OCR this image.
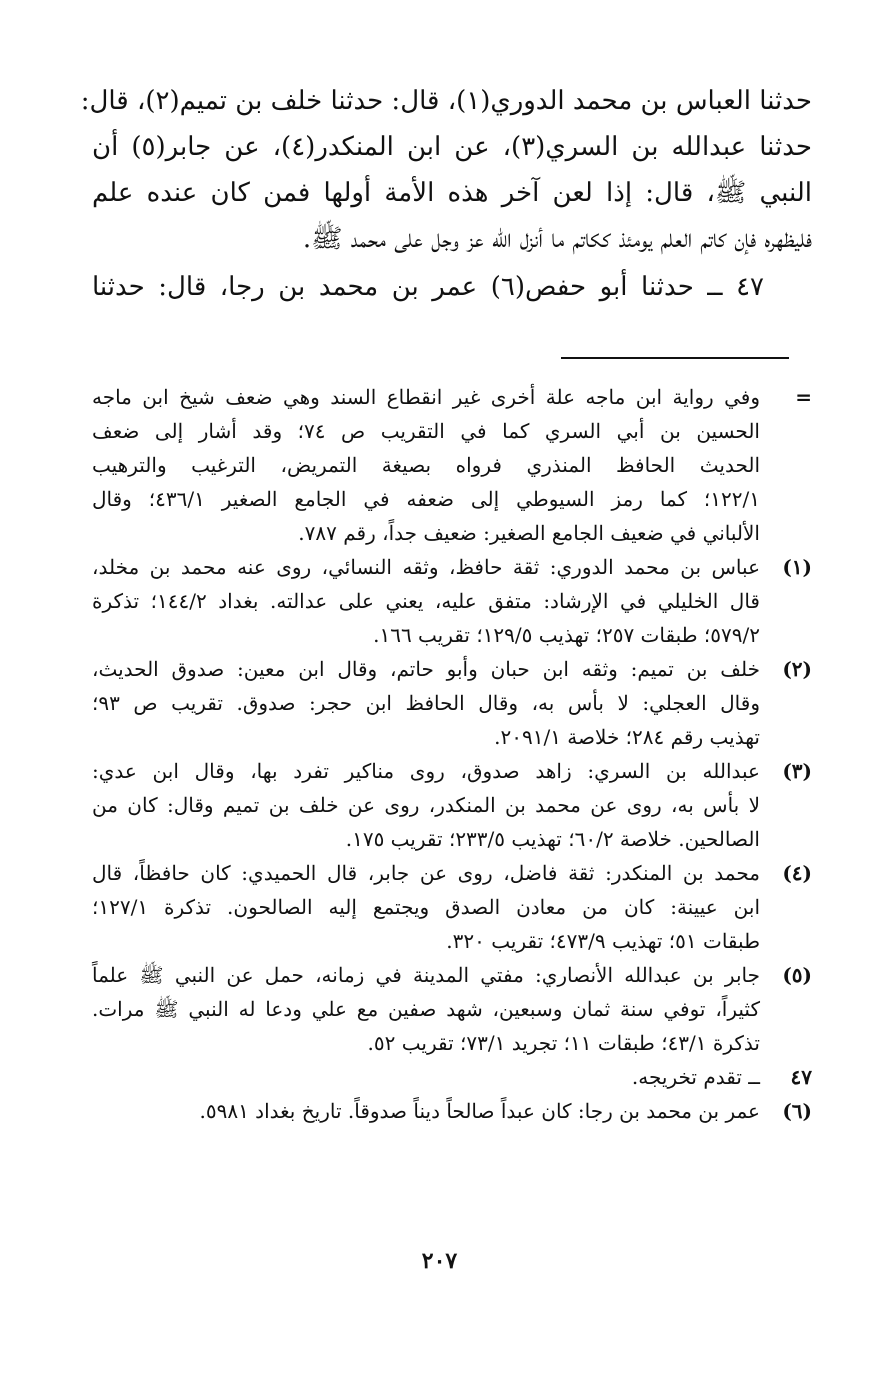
حدثنا العباس بن محمد الدوري(١)، قال: حدثنا خلف بن تميم(٢)، قال:
حدثنا عبدالله بن السري(٣)، عن ابن المنكدر(٤)، عن جابر(٥) أن
النبي ﷺ، قال: إذا لعن آخر هذه الأمة أولها فمن كان عنده علم
فليظهره فإن كاتم العلم يومئذ ككاتم ما أنزل الله عز وجل على محمد ﷺ.
٤٧ ــ حدثنا أبو حفص(٦) عمر بن محمد بن رجا، قال: حدثنا
=
وفي رواية ابن ماجه علة أخرى غير انقطاع السند وهي ضعف شيخ ابن ماجه
الحسين بن أبي السري كما في التقريب ص ٧٤؛ وقد أشار إلى ضعف
الحديث الحافظ المنذري فرواه بصيغة التمريض، الترغيب والترهيب
١٢٢/١؛ كما رمز السيوطي إلى ضعفه في الجامع الصغير ٤٣٦/١؛ وقال
الألباني في ضعيف الجامع الصغير: ضعيف جداً، رقم ٧٨٧.
(١)
عباس بن محمد الدوري: ثقة حافظ، وثقه النسائي، روى عنه محمد بن مخلد،
قال الخليلي في الإرشاد: متفق عليه، يعني على عدالته. بغداد ١٤٤/٢؛ تذكرة
٥٧٩/٢؛ طبقات ٢٥٧؛ تهذيب ١٢٩/٥؛ تقريب ١٦٦.
(٢)
خلف بن تميم: وثقه ابن حبان وأبو حاتم، وقال ابن معين: صدوق الحديث،
وقال العجلي: لا بأس به، وقال الحافظ ابن حجر: صدوق. تقريب ص ٩٣؛
تهذيب رقم ٢٨٤؛ خلاصة ٢٠٩١/١.
(٣)
عبدالله بن السري: زاهد صدوق، روى مناكير تفرد بها، وقال ابن عدي:
لا بأس به، روى عن محمد بن المنكدر، روى عن خلف بن تميم وقال: كان من
الصالحين. خلاصة ٦٠/٢؛ تهذيب ٢٣٣/٥؛ تقريب ١٧٥.
(٤)
محمد بن المنكدر: ثقة فاضل، روى عن جابر، قال الحميدي: كان حافظاً، قال
ابن عيينة: كان من معادن الصدق ويجتمع إليه الصالحون. تذكرة ١٢٧/١؛
طبقات ٥١؛ تهذيب ٤٧٣/٩؛ تقريب ٣٢٠.
(٥)
جابر بن عبدالله الأنصاري: مفتي المدينة في زمانه، حمل عن النبي ﷺ علماً
كثيراً، توفي سنة ثمان وسبعين، شهد صفين مع علي ودعا له النبي ﷺ مرات.
تذكرة ٤٣/١؛ طبقات ١١؛ تجريد ٧٣/١؛ تقريب ٥٢.
٤٧
ــ تقدم تخريجه.
(٦)
عمر بن محمد بن رجا: كان عبداً صالحاً ديناً صدوقاً. تاريخ بغداد ٥٩٨١.
٢٠٧
